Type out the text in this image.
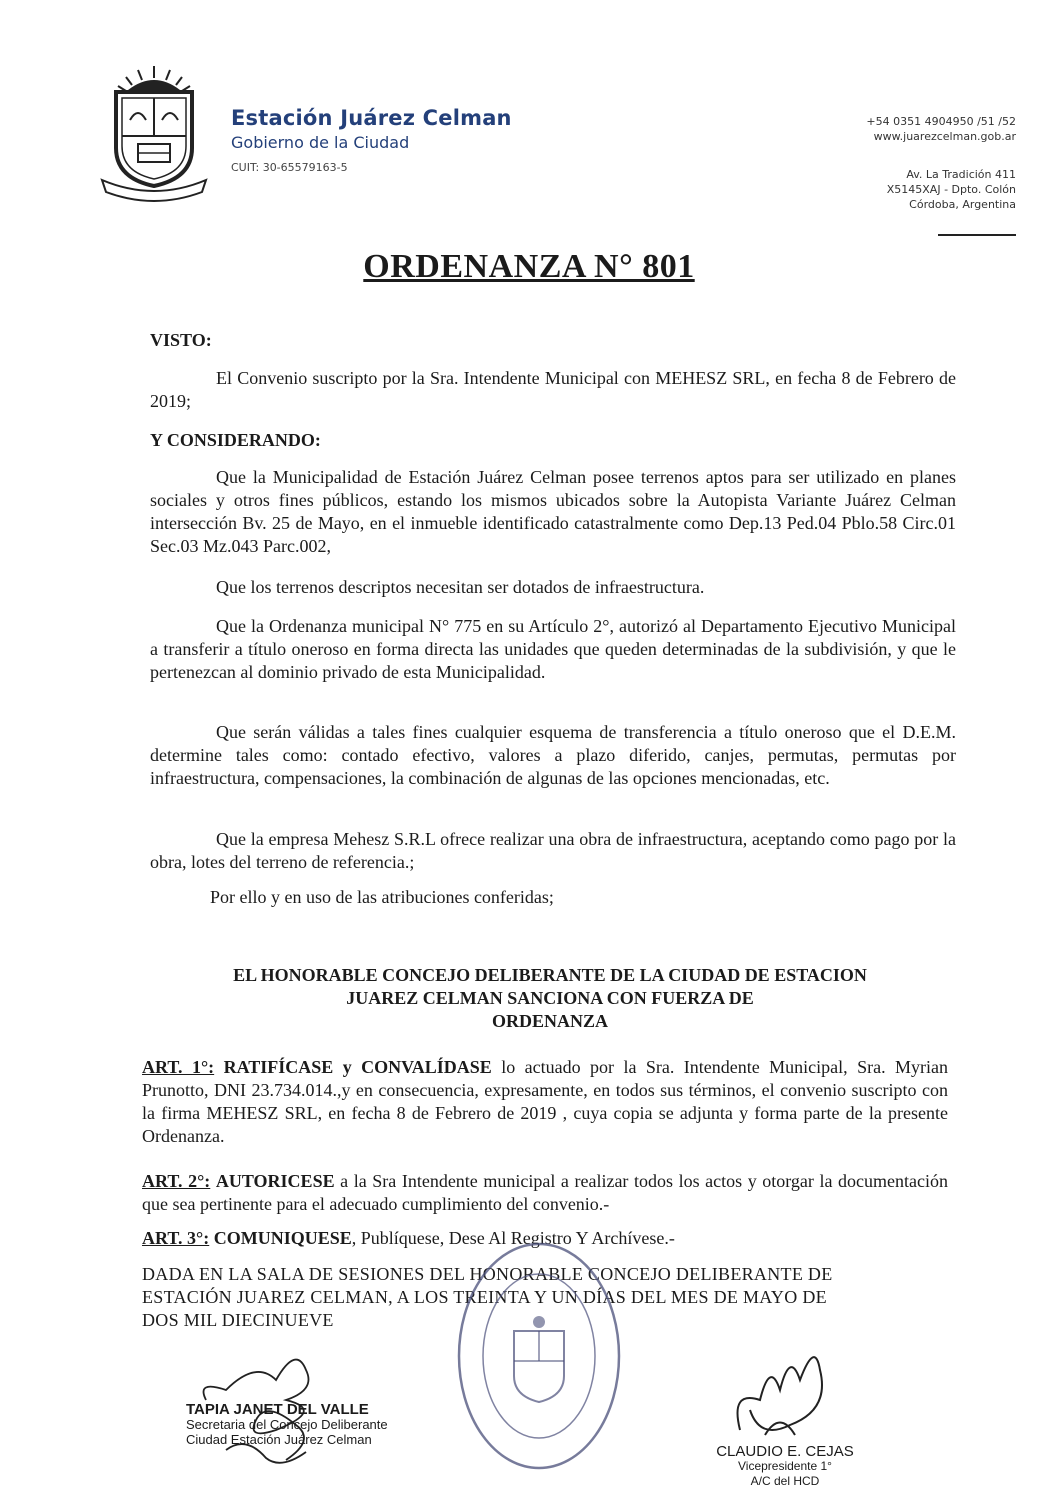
Estación Juárez Celman
Gobierno de la Ciudad
CUIT: 30-65579163-5
+54 0351 4904950 /51 /52
www.juarezcelman.gob.ar
Av. La Tradición 411
X5145XAJ - Dpto. Colón
Córdoba, Argentina
ORDENANZA N° 801
VISTO:
El Convenio suscripto por la Sra. Intendente Municipal con MEHESZ SRL, en fecha 8 de Febrero de 2019;
Y CONSIDERANDO:
Que la Municipalidad de Estación Juárez Celman posee terrenos aptos para ser utilizado en planes sociales y otros fines públicos, estando los mismos ubicados sobre la Autopista Variante Juárez Celman intersección Bv. 25 de Mayo, en el inmueble identificado catastralmente como Dep.13 Ped.04 Pblo.58 Circ.01 Sec.03 Mz.043 Parc.002,
Que los terrenos descriptos necesitan ser dotados de infraestructura.
Que la Ordenanza municipal N° 775 en su Artículo 2°, autorizó al Departamento Ejecutivo Municipal a transferir a título oneroso en forma directa las unidades que queden determinadas de la subdivisión, y que le pertenezcan al dominio privado de esta Municipalidad.
Que serán válidas a tales fines cualquier esquema de transferencia a título oneroso que el D.E.M. determine tales como: contado efectivo, valores a plazo diferido, canjes, permutas, permutas por infraestructura, compensaciones, la combinación de algunas de las opciones mencionadas, etc.
Que la empresa Mehesz S.R.L ofrece realizar una obra de infraestructura, aceptando como pago por la obra, lotes del terreno de referencia.;
Por ello y en uso de las atribuciones conferidas;
EL HONORABLE CONCEJO DELIBERANTE DE LA CIUDAD DE ESTACION
JUAREZ CELMAN SANCIONA CON FUERZA DE
ORDENANZA
ART. 1°: RATIFÍCASE y CONVALÍDASE lo actuado por la Sra. Intendente Municipal, Sra. Myrian Prunotto, DNI 23.734.014.,y en consecuencia, expresamente, en todos sus términos, el convenio suscripto con la firma MEHESZ SRL, en fecha 8 de Febrero de 2019 , cuya copia se adjunta y forma parte de la presente Ordenanza.
ART. 2°: AUTORICESE a la Sra Intendente municipal a realizar todos los actos y otorgar la documentación que sea pertinente para el adecuado cumplimiento del convenio.-
ART. 3°: COMUNIQUESE, Publíquese, Dese Al Registro Y Archívese.-
DADA EN LA SALA DE SESIONES DEL HONORABLE CONCEJO DELIBERANTE DE
ESTACIÓN JUAREZ CELMAN, A LOS TREINTA Y UN DÍAS DEL MES DE MAYO DE
DOS MIL DIECINUEVE
TAPIA JANET DEL VALLE
Secretaria del Concejo Deliberante
Ciudad Estación Juárez Celman
CLAUDIO E. CEJAS
Vicepresidente 1°
A/C del HCD
